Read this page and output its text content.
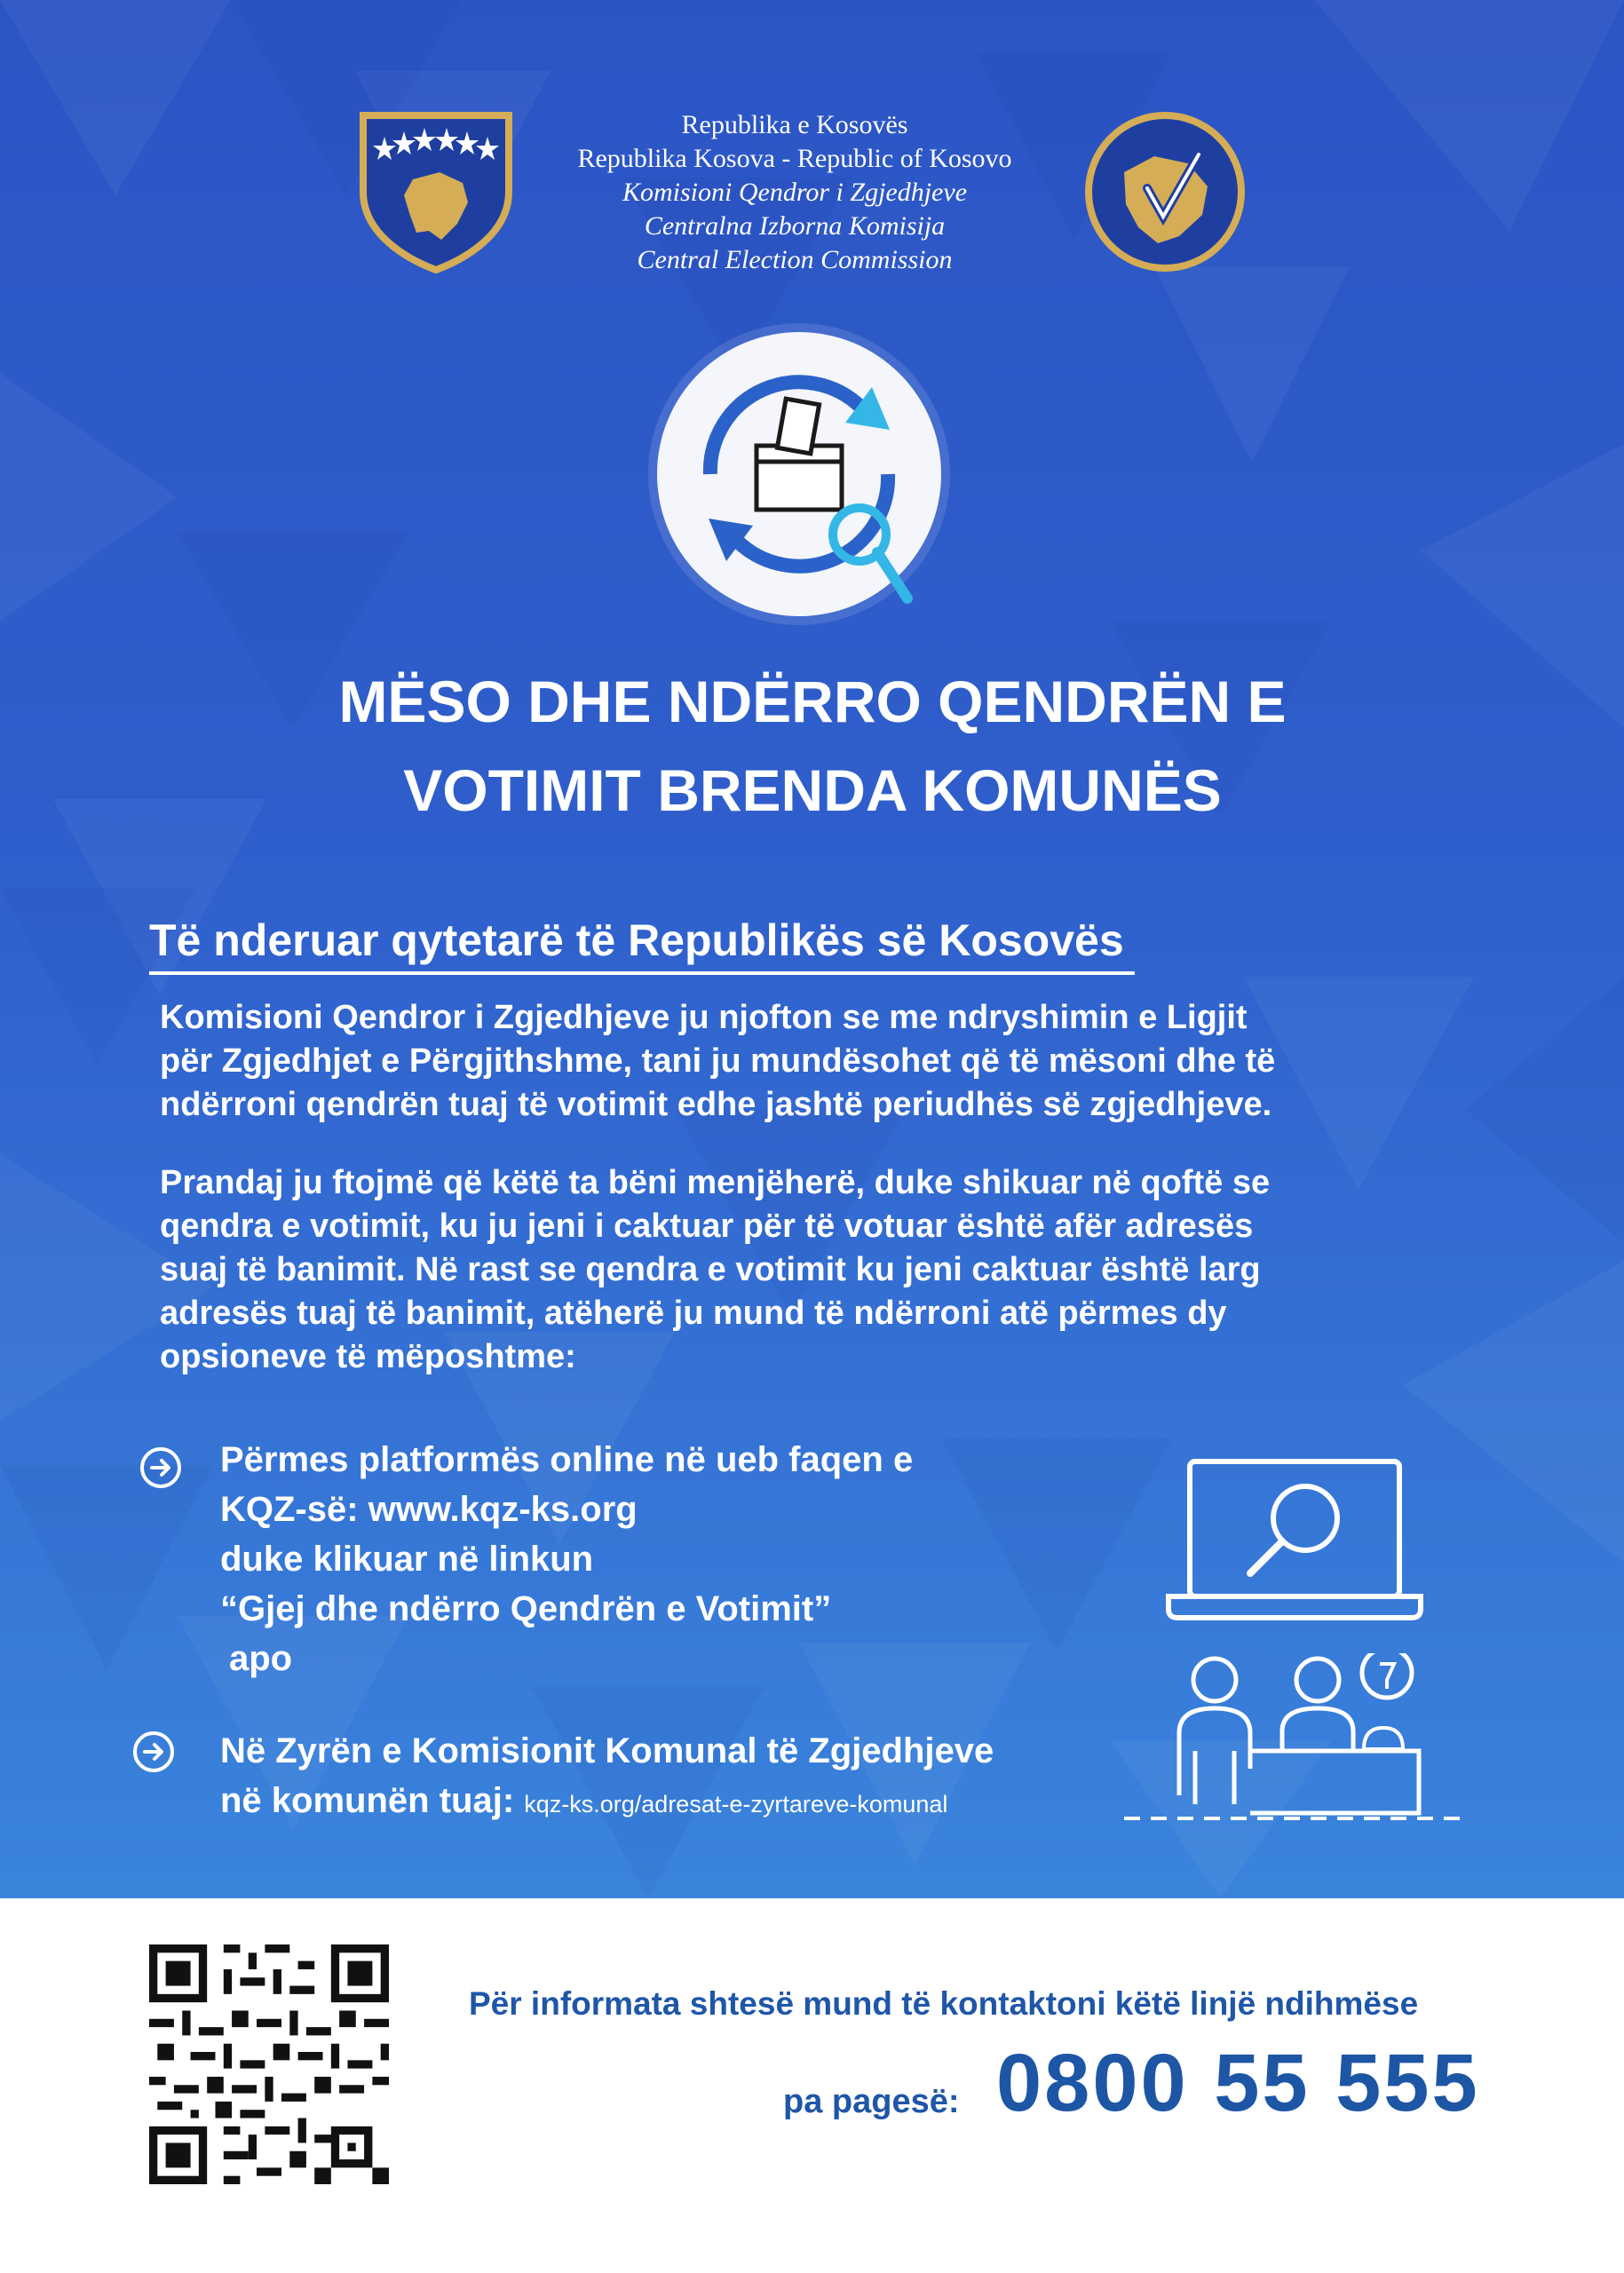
Republika e Kosovës
Republika Kosova - Republic of Kosovo
Komisioni Qendror i Zgjedhjeve
Centralna Izborna Komisija
Central Election Commission
MËSO DHE NDËRRO QENDRËN E
VOTIMIT BRENDA KOMUNËS
Të nderuar qytetarë të Republikës së Kosovës
Komisioni Qendror i Zgjedhjeve ju njofton se me ndryshimin e Ligjit
për Zgjedhjet e Përgjithshme, tani ju mundësohet që të mësoni dhe të
ndërroni qendrën tuaj të votimit edhe jashtë periudhës së zgjedhjeve.
Prandaj ju ftojmë që këtë ta bëni menjëherë, duke shikuar në qoftë se
qendra e votimit, ku ju jeni i caktuar për të votuar është afër adresës
suaj të banimit. Në rast se qendra e votimit ku jeni caktuar është larg
adresës tuaj të banimit, atëherë ju mund të ndërroni atë përmes dy
opsioneve të mëposhtme:
Përmes platformës online në ueb faqen e
KQZ-së: www.kqz-ks.org
duke klikuar në linkun
“Gjej dhe ndërro Qendrën e Votimit”
apo
Në Zyrën e Komisionit Komunal të Zgjedhjeve
në komunën tuaj: kqz-ks.org/adresat-e-zyrtareve-komunal
Për informata shtesë mund të kontaktoni këtë linjë ndihmëse
pa pagesë: 0800 55 555
